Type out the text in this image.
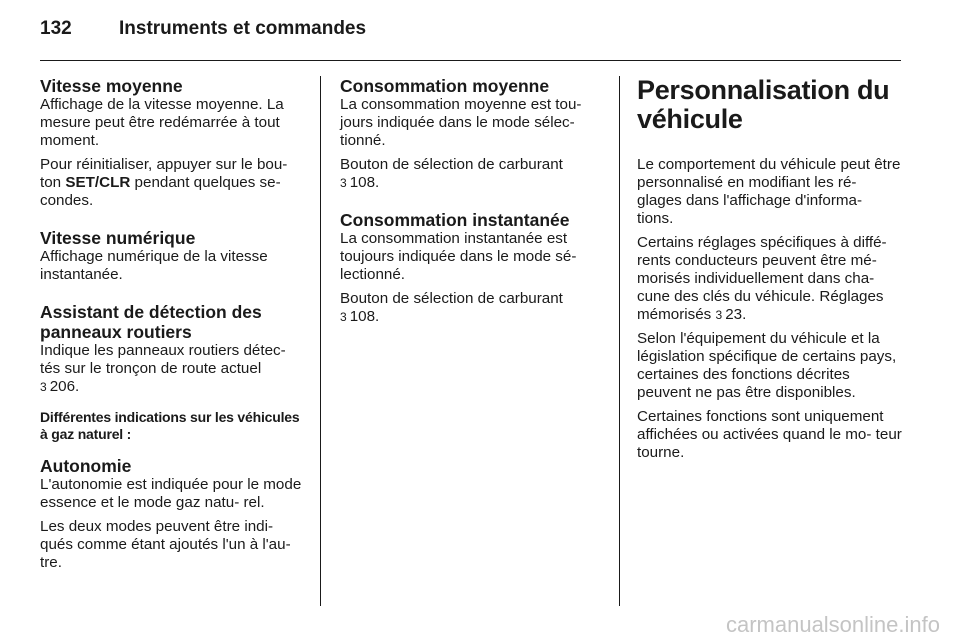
132 Instruments et commandes
Vitesse moyenne

Affichage de la vitesse moyenne. La mesure peut être redémarrée à tout moment.

Pour réinitialiser, appuyer sur le bou- ton SET/CLR pendant quelques se- condes.

Vitesse numérique

Affichage numérique de la vitesse instantanée.

Assistant de détection des panneaux routiers

Indique les panneaux routiers détec- tés sur le tronçon de route actuel

3 206.

Différentes indications sur les véhicules à gaz naturel :
Autonomie

L'autonomie est indiquée pour le mode essence et le mode gaz natu- rel.

Les deux modes peuvent être indi- qués comme étant ajoutés l'un à l'au- tre.

Consommation moyenne

La consommation moyenne est tou- jours indiquée dans le mode sélec- tionné.

Bouton de sélection de carburant

3 108.

Consommation instantanée

La consommation instantanée est toujours indiquée dans le mode sé- lectionné.

Bouton de sélection de carburant

3 108.

Personnalisation du véhicule

Le comportement du véhicule peut être personnalisé en modifiant les ré- glages dans l'affichage d'informa- tions.

Certains réglages spécifiques à diffé- rents conducteurs peuvent être mé- morisés individuellement dans cha- cune des clés du véhicule. Réglages mémorisés 3 23.

Selon l'équipement du véhicule et la législation spécifique de certains pays, certaines des fonctions décrites peuvent ne pas être disponibles.

Certaines fonctions sont uniquement affichées ou activées quand le mo- teur tourne.

carmanualsonline.info
